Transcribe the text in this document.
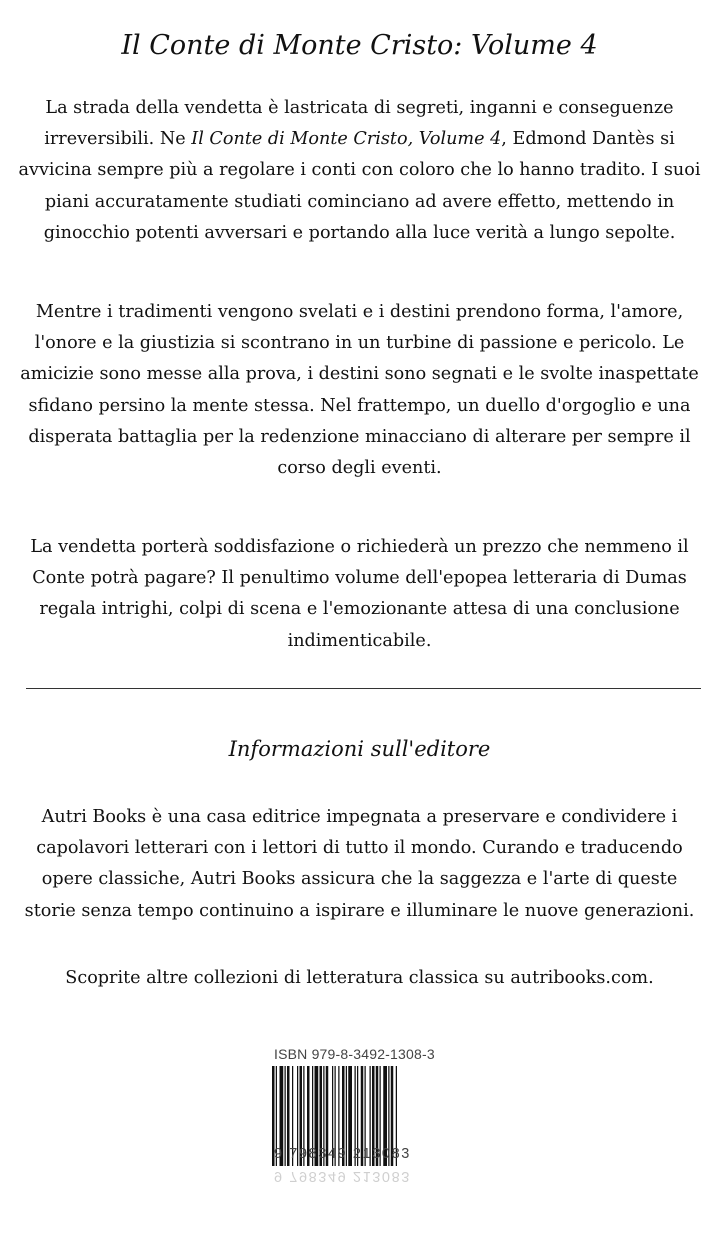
Il Conte di Monte Cristo: Volume 4

La strada della vendetta è lastricata di segreti, inganni e conseguenze irreversibili. Ne Il Conte di Monte Cristo, Volume 4, Edmond Dantès si avvicina sempre più a regolare i conti con coloro che lo hanno tradito. I suoi piani accuratamente studiati cominciano ad avere effetto, mettendo in ginocchio potenti avversari e portando alla luce verità a lungo sepolte.

Mentre i tradimenti vengono svelati e i destini prendono forma, l'amore, l'onore e la giustizia si scontrano in un turbine di passione e pericolo. Le amicizie sono messe alla prova, i destini sono segnati e le svolte inaspettate sfidano persino la mente stessa. Nel frattempo, un duello d'orgoglio e una disperata battaglia per la redenzione minacciano di alterare per sempre il corso degli eventi.

La vendetta porterà soddisfazione o richiederà un prezzo che nemmeno il Conte potrà pagare? Il penultimo volume dell'epopea letteraria di Dumas regala intrighi, colpi di scena e l'emozionante attesa di una conclusione indimenticabile.

Informazioni sull'editore

Autri Books è una casa editrice impegnata a preservare e condividere i capolavori letterari con i lettori di tutto il mondo. Curando e traducendo opere classiche, Autri Books assicura che la saggezza e l'arte di queste storie senza tempo continuino a ispirare e illuminare le nuove generazioni.

Scoprite altre collezioni di letteratura classica su autribooks.com.

ISBN 979-8-3492-1308-3
9 798349 213083
9 798349 213083
